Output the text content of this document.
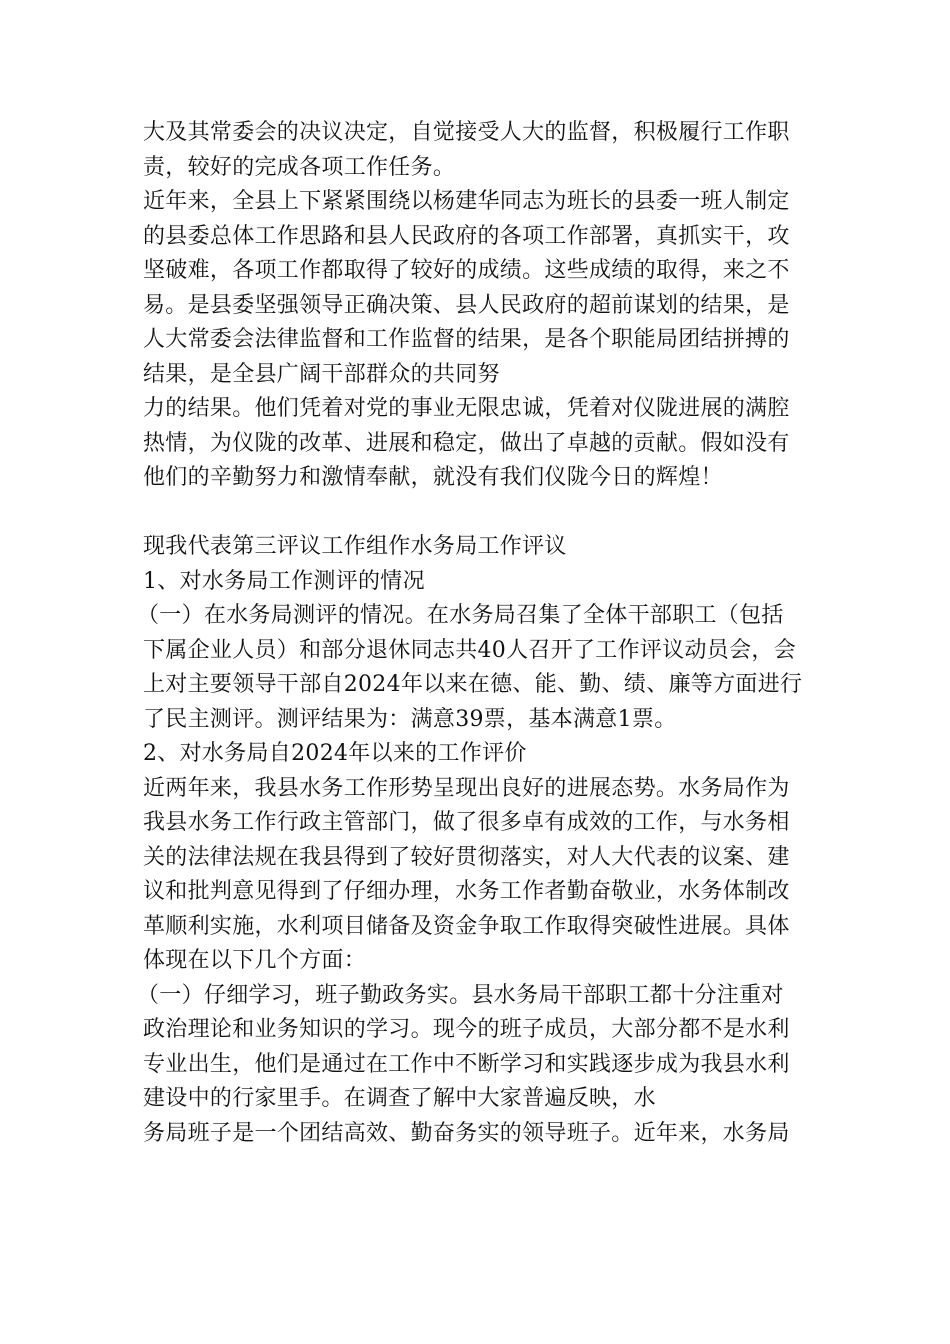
大及其常委会的决议决定，自觉接受人大的监督，积极履行工作职
责，较好的完成各项工作任务。
近年来，全县上下紧紧围绕以杨建华同志为班长的县委一班人制定
的县委总体工作思路和县人民政府的各项工作部署，真抓实干，攻
坚破难，各项工作都取得了较好的成绩。这些成绩的取得，来之不
易。是县委坚强领导正确决策、县人民政府的超前谋划的结果，是
人大常委会法律监督和工作监督的结果，是各个职能局团结拼搏的
结果，是全县广阔干部群众的共同努
力的结果。他们凭着对党的事业无限忠诚，凭着对仪陇进展的满腔
热情，为仪陇的改革、进展和稳定，做出了卓越的贡献。假如没有
他们的辛勤努力和激情奉献，就没有我们仪陇今日的辉煌！
现我代表第三评议工作组作水务局工作评议
1、对水务局工作测评的情况
（一）在水务局测评的情况。在水务局召集了全体干部职工（包括
下属企业人员）和部分退休同志共40人召开了工作评议动员会，会
上对主要领导干部自2024年以来在德、能、勤、绩、廉等方面进行
了民主测评。测评结果为：满意39票，基本满意1票。
2、对水务局自2024年以来的工作评价
近两年来，我县水务工作形势呈现出良好的进展态势。水务局作为
我县水务工作行政主管部门，做了很多卓有成效的工作，与水务相
关的法律法规在我县得到了较好贯彻落实，对人大代表的议案、建
议和批判意见得到了仔细办理，水务工作者勤奋敬业，水务体制改
革顺利实施，水利项目储备及资金争取工作取得突破性进展。具体
体现在以下几个方面：
（一）仔细学习，班子勤政务实。县水务局干部职工都十分注重对
政治理论和业务知识的学习。现今的班子成员，大部分都不是水利
专业出生，他们是通过在工作中不断学习和实践逐步成为我县水利
建设中的行家里手。在调查了解中大家普遍反映，水
务局班子是一个团结高效、勤奋务实的领导班子。近年来，水务局
